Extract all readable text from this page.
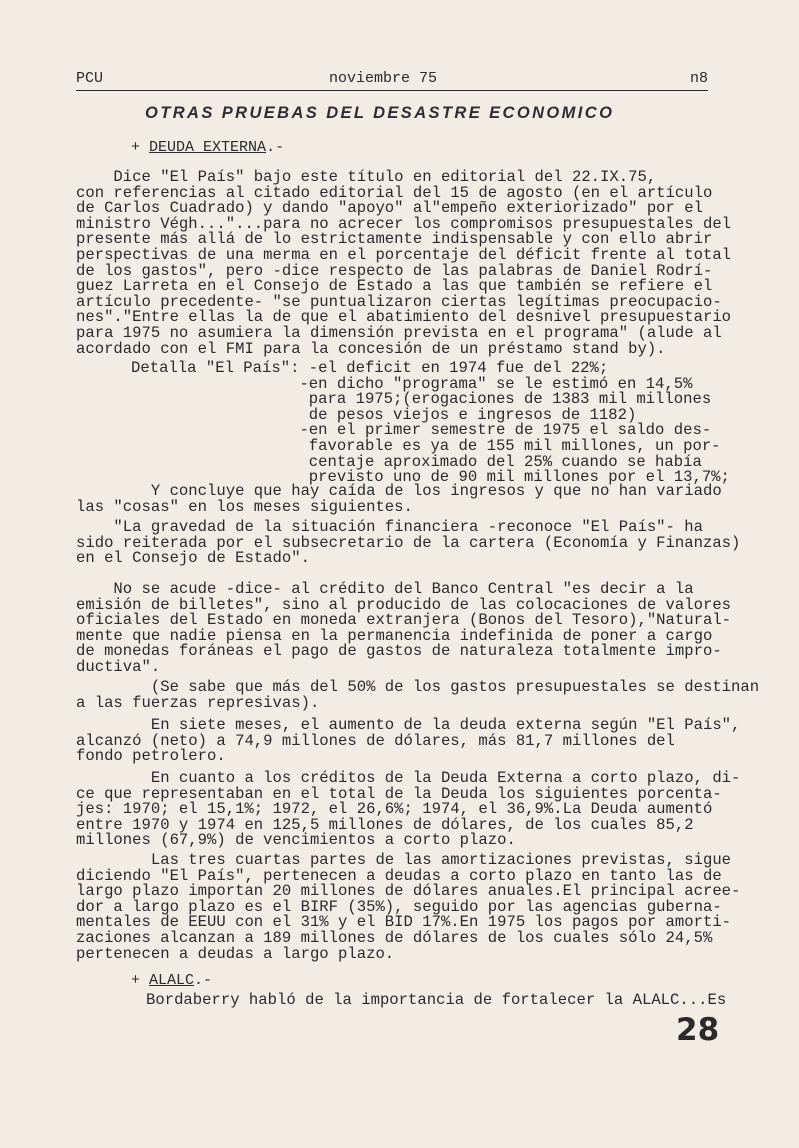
PCU	noviembre 75	n8
OTRAS PRUEBAS DEL DESASTRE ECONOMICO
+ DEUDA EXTERNA.-
Dice "El País" bajo este título en editorial del 22.IX.75,
con referencias al citado editorial del 15 de agosto (en el artículo
de Carlos Cuadrado) y dando "apoyo" al"empeño exteriorizado" por el
ministro Végh..."...para no acrecer los compromisos presupuestales del
presente más allá de lo estrictamente indispensable y con ello abrir
perspectivas de una merma en el porcentaje del déficit frente al total
de los gastos", pero -dice respecto de las palabras de Daniel Rodrí-
guez Larreta en el Consejo de Estado a las que también se refiere el
artículo precedente- "se puntualizaron ciertas legítimas preocupacio-
nes"."Entre ellas la de que el abatimiento del desnivel presupuestario
para 1975 no asumiera la dimensión prevista en el programa" (alude al
acordado con el FMI para la concesión de un préstamo stand by).
Detalla "El País": -el deficit en 1974 fue del 22%;
-en dicho "programa" se le estimó en 14,5%
para 1975;(erogaciones de 1383 mil millones
de pesos viejos e ingresos de 1182)
-en el primer semestre de 1975 el saldo des-
favorable es ya de 155 mil millones, un por-
centaje aproximado del 25% cuando se había
previsto uno de 90 mil millones por el 13,7%;
Y concluye que hay caída de los ingresos y que no han variado
las "cosas" en los meses siguientes.
"La gravedad de la situación financiera -reconoce "El País"- ha
sido reiterada por el subsecretario de la cartera (Economía y Finanzas)
en el Consejo de Estado".
No se acude -dice- al crédito del Banco Central "es decir a la
emisión de billetes", sino al producido de las colocaciones de valores
oficiales del Estado en moneda extranjera (Bonos del Tesoro),"Natural-
mente que nadie piensa en la permanencia indefinida de poner a cargo
de monedas foráneas el pago de gastos de naturaleza totalmente impro-
ductiva".
(Se sabe que más del 50% de los gastos presupuestales se destinan
a las fuerzas represivas).
En siete meses, el aumento de la deuda externa según "El País",
alcanzó (neto) a 74,9 millones de dólares, más 81,7 millones del
fondo petrolero.
En cuanto a los créditos de la Deuda Externa a corto plazo, di-
ce que representaban en el total de la Deuda los siguientes porcenta-
jes: 1970; el 15,1%; 1972, el 26,6%; 1974, el 36,9%.La Deuda aumentó
entre 1970 y 1974 en 125,5 millones de dólares, de los cuales 85,2
millones (67,9%) de vencimientos a corto plazo.
Las tres cuartas partes de las amortizaciones previstas, sigue
diciendo "El País", pertenecen a deudas a corto plazo en tanto las de
largo plazo importan 20 millones de dólares anuales.El principal acree-
dor a largo plazo es el BIRF (35%), seguido por las agencias guberna-
mentales de EEUU con el 31% y el BID 17%.En 1975 los pagos por amorti-
zaciones alcanzan a 189 millones de dólares de los cuales sólo 24,5%
pertenecen a deudas a largo plazo.
+ ALALC.-
Bordaberry habló de la importancia de fortalecer la ALALC...Es
28
